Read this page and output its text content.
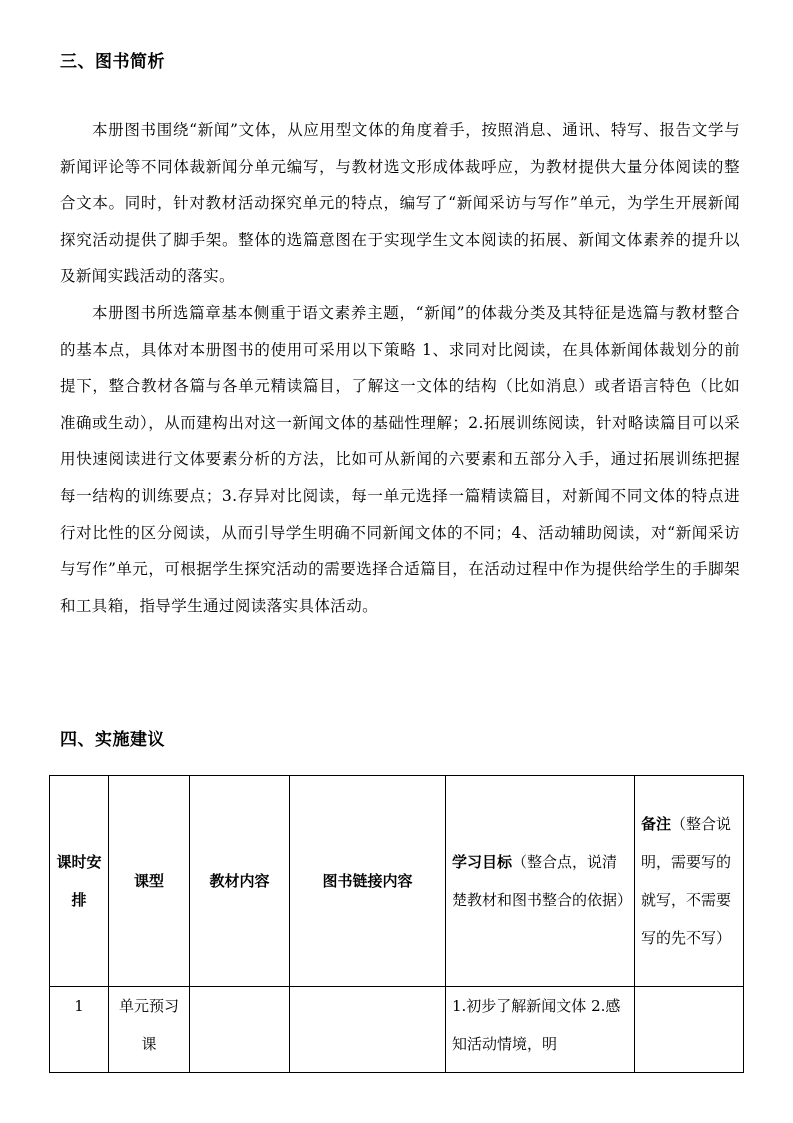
三、图书简析
本册图书围绕“新闻”文体，从应用型文体的角度着手，按照消息、通讯、特写、报告文学与新闻评论等不同体裁新闻分单元编写，与教材选文形成体裁呼应，为教材提供大量分体阅读的整合文本。同时，针对教材活动探究单元的特点，编写了“新闻采访与写作”单元，为学生开展新闻探究活动提供了脚手架。整体的选篇意图在于实现学生文本阅读的拓展、新闻文体素养的提升以及新闻实践活动的落实。
本册图书所选篇章基本侧重于语文素养主题，“新闻”的体裁分类及其特征是选篇与教材整合的基本点，具体对本册图书的使用可采用以下策略 1、求同对比阅读，在具体新闻体裁划分的前提下，整合教材各篇与各单元精读篇目，了解这一文体的结构（比如消息）或者语言特色（比如准确或生动），从而建构出对这一新闻文体的基础性理解；2.拓展训练阅读，针对略读篇目可以采用快速阅读进行文体要素分析的方法，比如可从新闻的六要素和五部分入手，通过拓展训练把握每一结构的训练要点；3.存异对比阅读，每一单元选择一篇精读篇目，对新闻不同文体的特点进行对比性的区分阅读，从而引导学生明确不同新闻文体的不同；4、活动辅助阅读，对“新闻采访与写作”单元，可根据学生探究活动的需要选择合适篇目，在活动过程中作为提供给学生的手脚架和工具箱，指导学生通过阅读落实具体活动。
四、实施建议
课时安排	课型	教材内容	图书链接内容	学习目标（整合点，说清楚教材和图书整合的依据）	备注（整合说明，需要写的就写，不需要写的先不写）
1	单元预习课			1.初步了解新闻文体 2.感知活动情境，明	
